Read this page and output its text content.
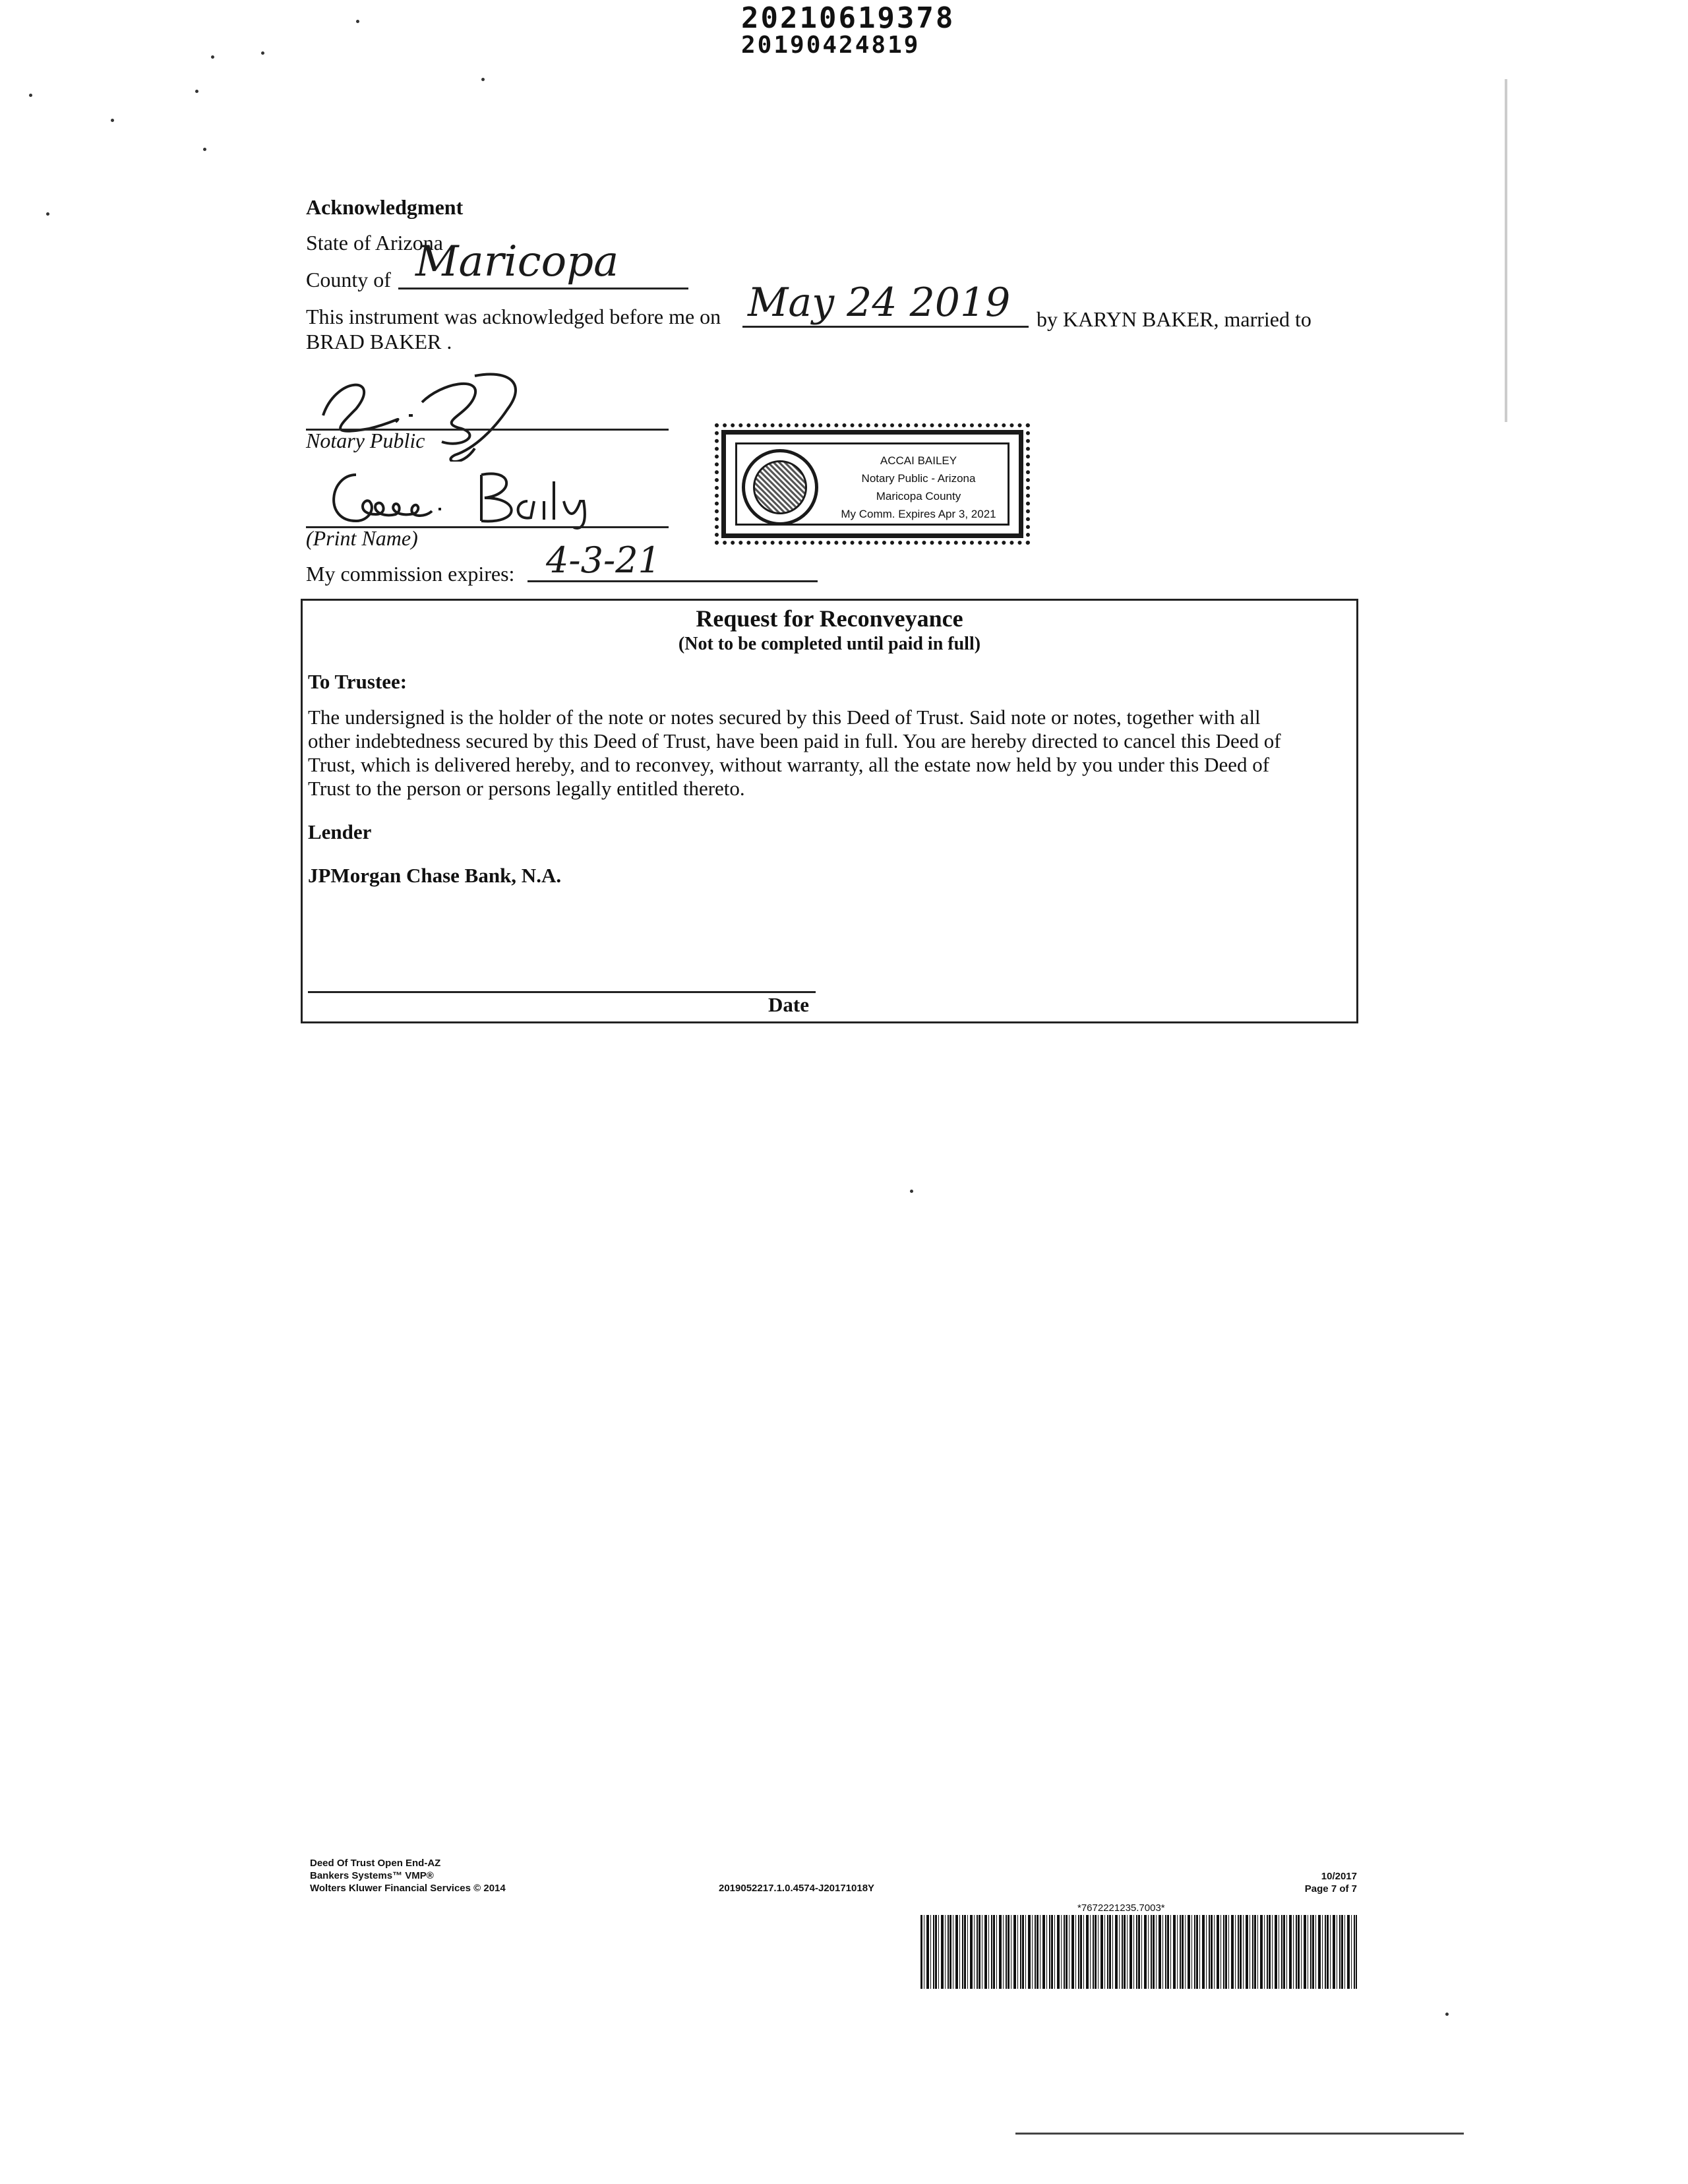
20210619378
20190424819
Acknowledgment
State of Arizona
County of Maricopa
This instrument was acknowledged before me on May 24 2019 by KARYN BAKER, married to
BRAD BAKER .
Notary Public
(Print Name)
My commission expires: 4-3-21
ACCAI BAILEY
Notary Public - Arizona
Maricopa County
My Comm. Expires Apr 3, 2021
Request for Reconveyance
(Not to be completed until paid in full)
To Trustee:
The undersigned is the holder of the note or notes secured by this Deed of Trust. Said note or notes, together with all
other indebtedness secured by this Deed of Trust, have been paid in full. You are hereby directed to cancel this Deed of
Trust, which is delivered hereby, and to reconvey, without warranty, all the estate now held by you under this Deed of
Trust to the person or persons legally entitled thereto.
Lender
JPMorgan Chase Bank, N.A.
Date
Deed Of Trust Open End-AZ
Bankers Systems™ VMP®
Wolters Kluwer Financial Services © 2014	2019052217.1.0.4574-J20171018Y
10/2017
Page 7 of 7
*7672221235.7003*
